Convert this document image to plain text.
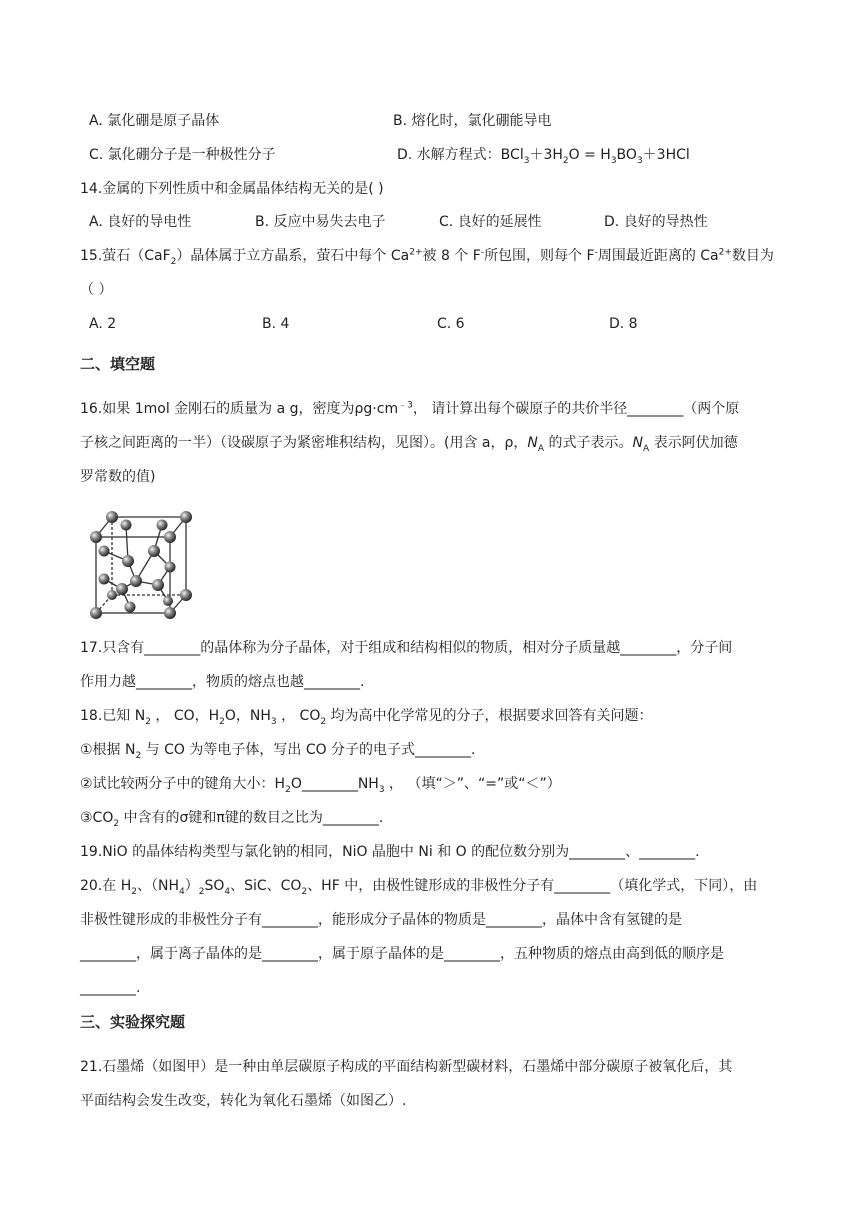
A. 氯化硼是原子晶体	B. 熔化时，氯化硼能导电
C. 氯化硼分子是一种极性分子	D. 水解方程式：$BCl_3+3H_2O = H_3BO_3+3HCl$
14.金属的下列性质中和金属晶体结构无关的是( )
A. 良好的导电性	B. 反应中易失去电子	C. 良好的延展性	D. 良好的导热性
15.萤石（CaF$_2$）晶体属于立方晶系，萤石中每个 $Ca^{2+}$被 8 个 F-所包围，则每个 F-周围最近距离的 $Ca^{2+}$数目为
（ ）
A. 2	B. 4	C. 6	D. 8
二、填空题
16.如果 1mol 金刚石的质量为 a g，密度为$\rho g\cdot cm^{﹣3}$， 请计算出每个碳原子的共价半径________（两个原
子核之间距离的一半）（设碳原子为紧密堆积结构，见图）。(用含 a，ρ，$N_A$ 的式子表示。$N_A$ 表示阿伏加德
罗常数的值)
17.只含有________的晶体称为分子晶体，对于组成和结构相似的物质，相对分子质量越________，分子间
作用力越________，物质的熔点也越________.
18.已知 $N_2$ ， CO，$H_2O$，$NH_3$ ， $CO_2$ 均为高中化学常见的分子，根据要求回答有关问题：
①根据 $N_2$ 与 CO 为等电子体，写出 CO 分子的电子式________.
②试比较两分子中的键角大小：$H_2O\_\_\_\_\_\_\_\_NH_3$ ， （填“＞”、“=”或“＜”）
$③CO_2$ 中含有的σ键和π键的数目之比为________.
19.NiO 的晶体结构类型与氯化钠的相同，NiO 晶胞中 Ni 和 O 的配位数分别为________、________.
20.在 $H_2$、$(NH_4)_2SO_4$、SiC、$CO_2$、HF 中，由极性键形成的非极性分子有________（填化学式，下同），由
非极性键形成的非极性分子有________，能形成分子晶体的物质是________，晶体中含有氢键的是
________，属于离子晶体的是________，属于原子晶体的是________，五种物质的熔点由高到低的顺序是
________.
三、实验探究题
21.石墨烯（如图甲）是一种由单层碳原子构成的平面结构新型碳材料，石墨烯中部分碳原子被氧化后，其
平面结构会发生改变，转化为氧化石墨烯（如图乙）.
